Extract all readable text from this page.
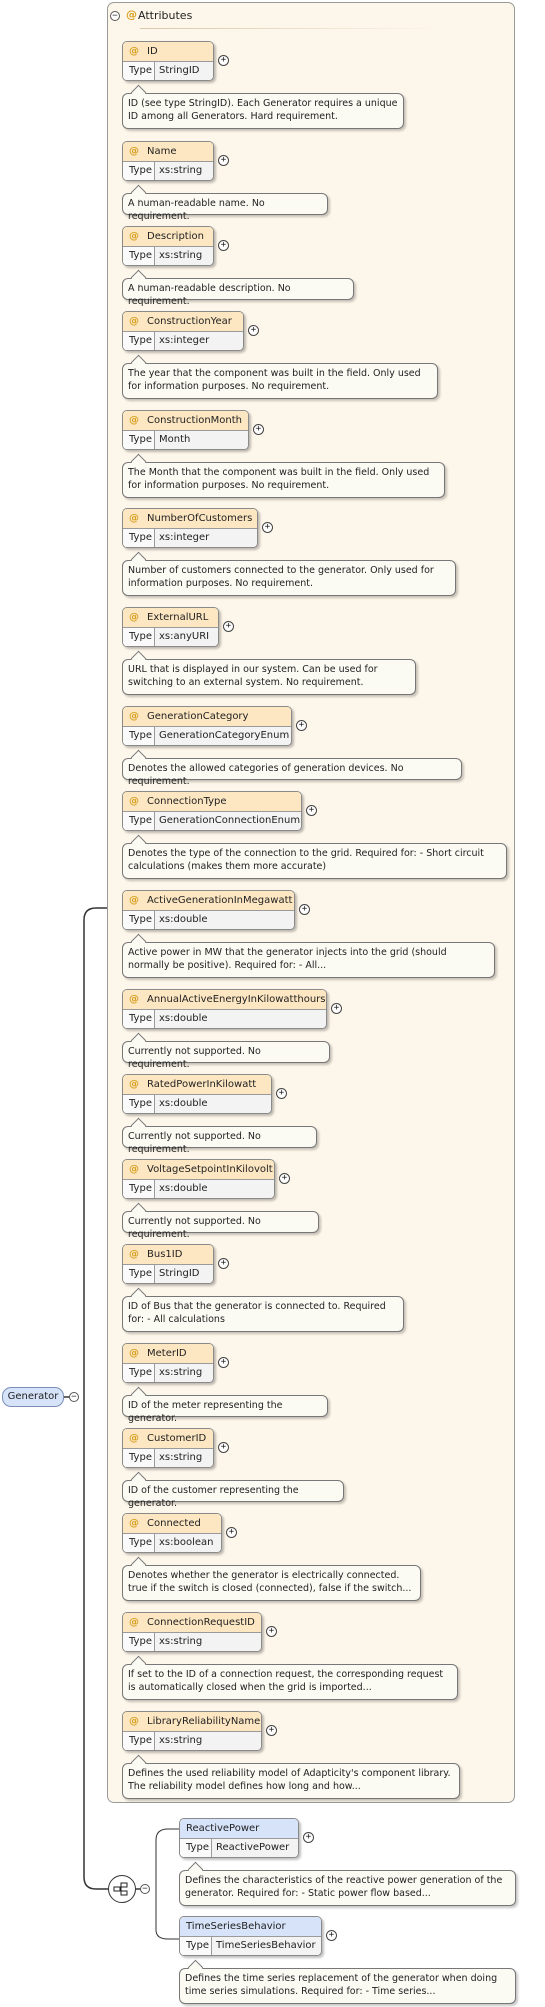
− @ Attributes
@ ID
Type StringID
+
ID (see type StringID). Each Generator requires a unique ID among all Generators. Hard requirement.
@ Name
Type xs:string
+
A human-readable name. No requirement.
@ Description
Type xs:string
+
A human-readable description. No requirement.
@ ConstructionYear
Type xs:integer
+
The year that the component was built in the field. Only used for information purposes. No requirement.
@ ConstructionMonth
Type Month
+
The Month that the component was built in the field. Only used for information purposes. No requirement.
@ NumberOfCustomers
Type xs:integer
+
Number of customers connected to the generator. Only used for information purposes. No requirement.
@ ExternalURL
Type xs:anyURI
+
URL that is displayed in our system. Can be used for switching to an external system. No requirement.
@ GenerationCategory
Type GenerationCategoryEnum
+
Denotes the allowed categories of generation devices. No requirement.
@ ConnectionType
Type GenerationConnectionEnum
+
Denotes the type of the connection to the grid. Required for: - Short circuit calculations (makes them more accurate)
@ ActiveGenerationInMegawatt
Type xs:double
+
Active power in MW that the generator injects into the grid (should normally be positive). Required for: - All...
@ AnnualActiveEnergyInKilowatthours
Type xs:double
+
Currently not supported. No requirement.
@ RatedPowerInKilowatt
Type xs:double
+
Currently not supported. No requirement.
@ VoltageSetpointInKilovolt
Type xs:double
+
Currently not supported. No requirement.
@ Bus1ID
Type StringID
+
ID of Bus that the generator is connected to. Required for: - All calculations
@ MeterID
Type xs:string
+
ID of the meter representing the generator.
@ CustomerID
Type xs:string
+
ID of the customer representing the generator.
@ Connected
Type xs:boolean
+
Denotes whether the generator is electrically connected. true if the switch is closed (connected), false if the switch...
@ ConnectionRequestID
Type xs:string
+
If set to the ID of a connection request, the corresponding request is automatically closed when the grid is imported...
@ LibraryReliabilityName
Type xs:string
+
Defines the used reliability model of Adapticity's component library. The reliability model defines how long and how...
Generator	−
−
ReactivePower
Type ReactivePower
+
Defines the characteristics of the reactive power generation of the generator. Required for: - Static power flow based...
TimeSeriesBehavior
Type TimeSeriesBehavior
+
Defines the time series replacement of the generator when doing time series simulations. Required for: - Time series...
